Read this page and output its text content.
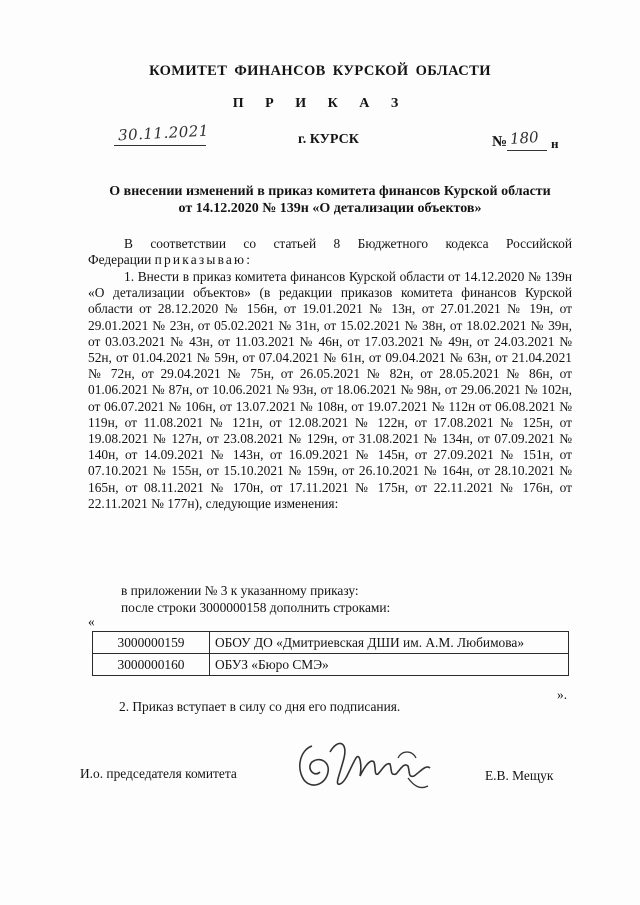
КОМИТЕТ ФИНАНСОВ КУРСКОЙ ОБЛАСТИ
П Р И К А З
30.11.2021	г. КУРСК	№ 180 н
О внесении изменений в приказ комитета финансов Курской области
от 14.12.2020 № 139н «О детализации объектов»

В соответствии со статьей 8 Бюджетного кодекса Российской

Федерации приказываю:

1. Внести в приказ комитета финансов Курской области от 14.12.2020 № 139н «О детализации объектов» (в редакции приказов комитета финансов Курской области от 28.12.2020 № 156н, от 19.01.2021 № 13н, от 27.01.2021 № 19н, от 29.01.2021 № 23н, от 05.02.2021 № 31н, от 15.02.2021 № 38н, от 18.02.2021 № 39н, от 03.03.2021 № 43н, от 11.03.2021 № 46н, от 17.03.2021 № 49н, от 24.03.2021 № 52н, от 01.04.2021 № 59н, от 07.04.2021 № 61н, от 09.04.2021 № 63н, от 21.04.2021 № 72н, от 29.04.2021 № 75н, от 26.05.2021 № 82н, от 28.05.2021 № 86н, от 01.06.2021 № 87н, от 10.06.2021 № 93н, от 18.06.2021 № 98н, от 29.06.2021 № 102н, от 06.07.2021 № 106н, от 13.07.2021 № 108н, от 19.07.2021 № 112н от 06.08.2021 № 119н, от 11.08.2021 № 121н, от 12.08.2021 № 122н, от 17.08.2021 № 125н, от 19.08.2021 № 127н, от 23.08.2021 № 129н, от 31.08.2021 № 134н, от 07.09.2021 № 140н, от 14.09.2021 № 143н, от 16.09.2021 № 145н, от 27.09.2021 № 151н, от 07.10.2021 № 155н, от 15.10.2021 № 159н, от 26.10.2021 № 164н, от 28.10.2021 № 165н, от 08.11.2021 № 170н, от 17.11.2021 № 175н, от 22.11.2021 № 176н, от 22.11.2021 № 177н), следующие изменения:

в приложении № 3 к указанному приказу:
после строки 3000000158 дополнить строками:
«
3000000159	ОБОУ ДО «Дмитриевская ДШИ им. А.М. Любимова»
3000000160	ОБУЗ «Бюро СМЭ»
».
2. Приказ вступает в силу со дня его подписания.
И.о. председателя комитета	Е.В. Мещук
